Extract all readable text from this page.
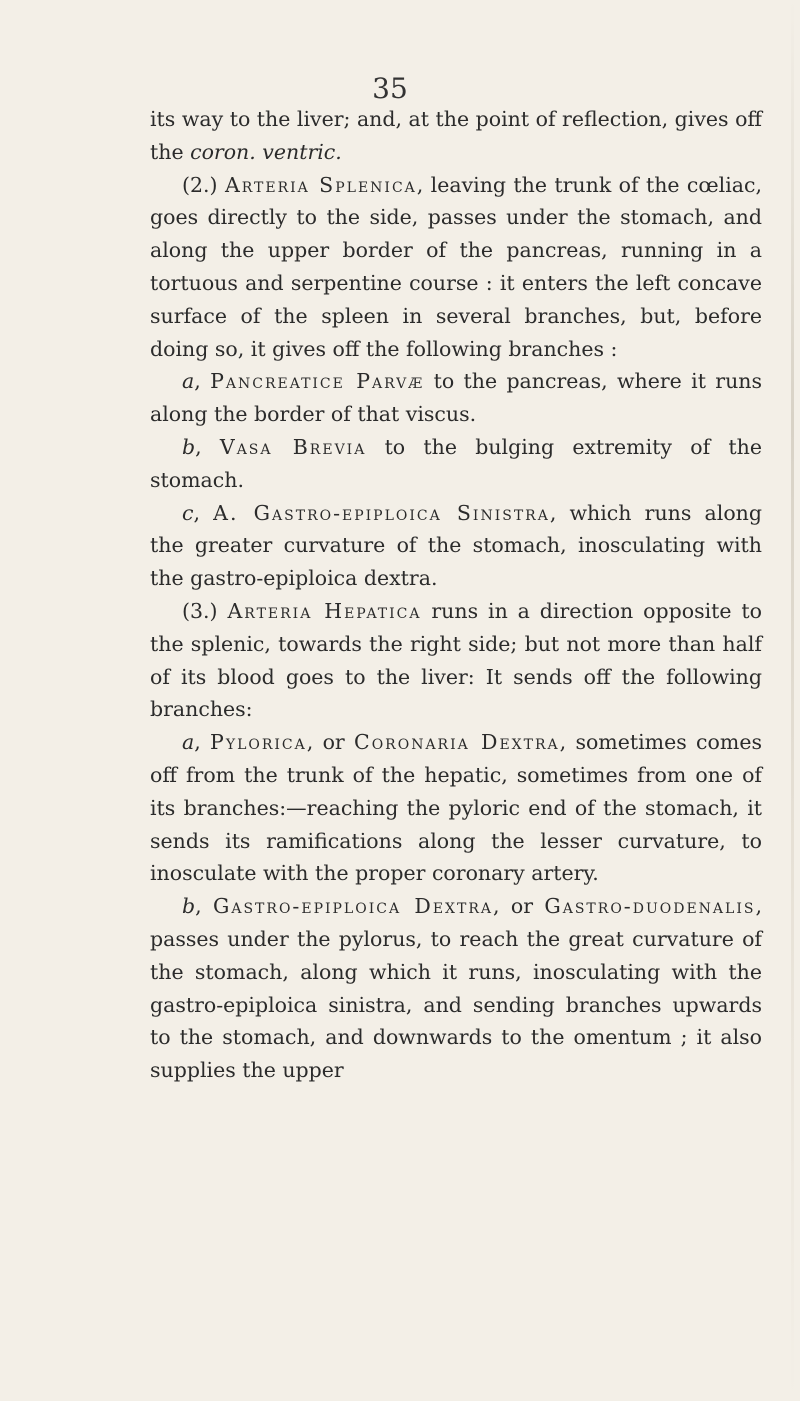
35

its way to the liver; and, at the point of reflection, gives off the coron. ventric.

(2.) Arteria Splenica, leaving the trunk of the cœliac, goes directly to the side, passes under the stomach, and along the upper border of the pancreas, running in a tortuous and serpentine course : it enters the left concave surface of the spleen in several branches, but, before doing so, it gives off the following branches :

a, Pancreatice Parvæ to the pancreas, where it runs along the border of that viscus.

b, Vasa Brevia to the bulging extremity of the stomach.

c, A. Gastro-epiploica Sinistra, which runs along the greater curvature of the stomach, inosculating with the gastro-epiploica dextra.

(3.) Arteria Hepatica runs in a direction opposite to the splenic, towards the right side; but not more than half of its blood goes to the liver: It sends off the following branches:

a, Pylorica, or Coronaria Dextra, sometimes comes off from the trunk of the hepatic, sometimes from one of its branches:—reaching the pyloric end of the stomach, it sends its ramifications along the lesser curvature, to inosculate with the proper coronary artery.

b, Gastro-epiploica Dextra, or Gastro-duodenalis, passes under the pylorus, to reach the great curvature of the stomach, along which it runs, inosculating with the gastro-epiploica sinistra, and sending branches upwards to the stomach, and downwards to the omentum ; it also supplies the upper
